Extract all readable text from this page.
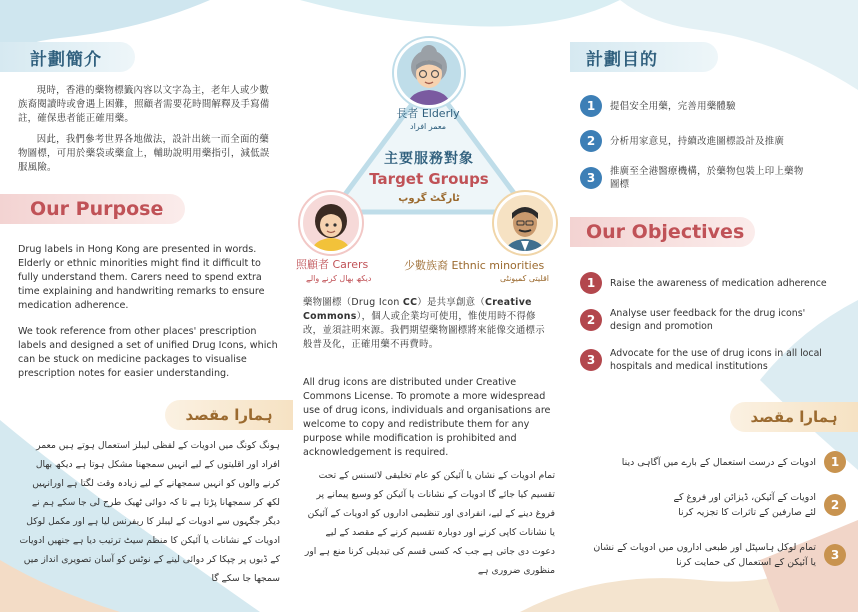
計劃簡介
現時，香港的藥物標籤內容以文字為主，老年人或少數族裔閱讀時或會遇上困難，照顧者需要花時間解釋及手寫備註，確保患者能正確用藥。
因此，我們參考世界各地做法，設計出統一而全面的藥物圖標，可用於藥袋或藥盒上，輔助說明用藥指引，減低誤服風險。
Our Purpose
Drug labels in Hong Kong are presented in words. Elderly or ethnic minorities might find it difficult to fully understand them. Carers need to spend extra time explaining and handwriting remarks to ensure medication adherence.
We took reference from other places' prescription labels and designed a set of unified Drug Icons, which can be stuck on medicine packages to visualise prescription notes for easier understanding.
ہمارا مقصد
ہونگ کونگ میں ادویات کے لفظی لیبلز استعمال ہوتے ہیں معمر افراد اور اقلیتوں کے لیے انہیں سمجھنا مشکل ہوتا ہے دیکھ بھال کرنے والوں کو انہیں سمجھانے کے لیے زیادہ وقت لگتا ہے اورانہیں لکھ کر سمجھانا پڑتا ہے تا کہ دوائی ٹھیک طرح لی جا سکے ہم نے دیگر جگہوں سے ادویات کے لیبلز کا ریفرنس لیا ہے اور مکمل لوکل ادویات کے نشانات یا آئیکن کا منظم سیٹ ترتیب دیا ہے جنھیں ادویات کے ڈبوں پر چپکا کر دوائی لینے کے نوٹس کو آسان تصویری انداز میں سمجھا جا سکے گا
長者 Elderly
معمر افراد
主要服務對象
Target Groups
ٹارگٹ گروپ
照顧者 Carers
دیکھ بھال کرنے والے
少數族裔 Ethnic minorities
اقلیتی کمیونٹی
藥物圖標（Drug Icon CC）是共享創意（Creative Commons），個人或企業均可使用，惟使用時不得修改，並須註明來源。我們期望藥物圖標將來能像交通標示般普及化，正確用藥不再費時。
All drug icons are distributed under Creative Commons License. To promote a more widespread use of drug icons, individuals and organisations are welcome to copy and redistribute them for any purpose while modification is prohibited and acknowledgement is required.
تمام ادویات کے نشان یا آئیکن کو عام تخلیقی لائسنس کے تحت تقسیم کیا جائے گا ادویات کے نشانات یا آئیکن کو وسیع پیمانے پر فروغ دینے کے لیے، انفرادی اور تنظیمی اداروں کو ادویات کے آئیکن یا نشانات کاپی کرنے اور دوبارہ تقسیم کرنے کے مقصد کے لیے دعوت دی جاتی ہے جب کہ کسی قسم کی تبدیلی کرنا منع ہے اور منظوری ضروری ہے
計劃目的
1	提倡安全用藥，完善用藥體驗
2	分析用家意見，持續改進圖標設計及推廣
3	推廣至全港醫療機構，於藥物包裝上印上藥物圖標
Our Objectives
1	Raise the awareness of medication adherence
2	Analyse user feedback for the drug icons' design and promotion
3	Advocate for the use of drug icons in all local hospitals and medical institutions
ہمارا مقصد
1
ادویات کے درست استعمال کے بارے میں آگاہی دینا
2
ادویات کے آئیکن، ڈیزائن اور فروغ کے لئے صارفین کے تاثرات کا تجزیہ کرنا
3
تمام لوکل ہاسپٹل اور طبعی اداروں میں ادویات کے نشان یا آئیکن کے استعمال کی حمایت کرنا
